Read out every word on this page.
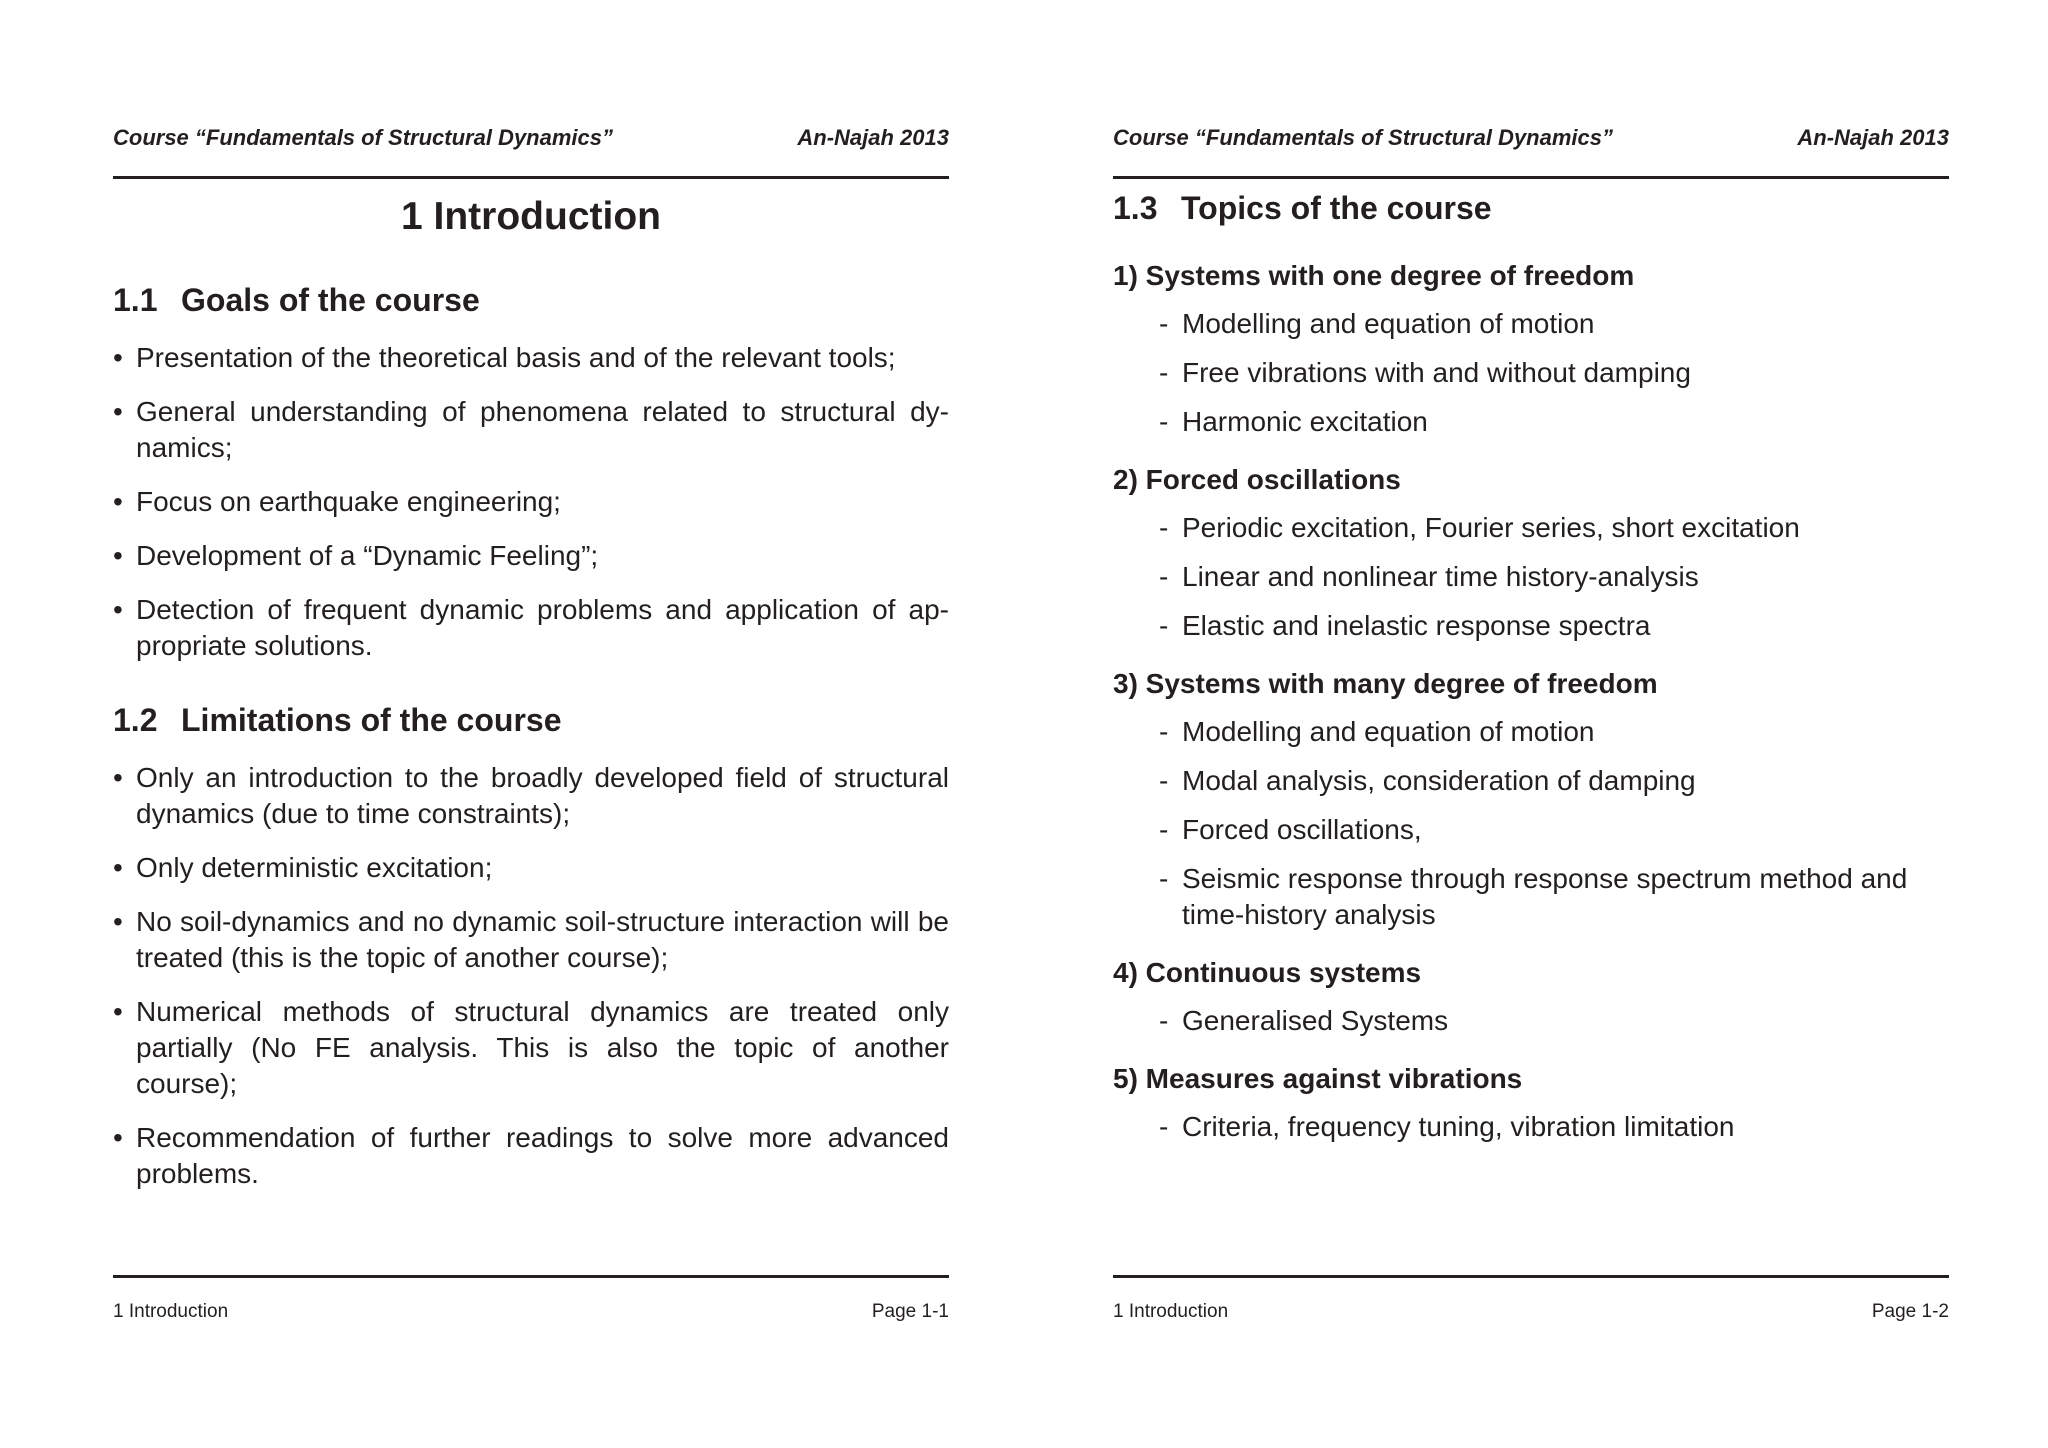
Course “Fundamentals of Structural Dynamics”	An-Najah 2013
1 Introduction
1.1 Goals of the course
• Presentation of the theoretical basis and of the relevant tools;
• General understanding of phenomena related to structural dy-namics;
• Focus on earthquake engineering;
• Development of a “Dynamic Feeling”;
• Detection of frequent dynamic problems and application of ap-propriate solutions.
1.2 Limitations of the course
• Only an introduction to the broadly developed field of structural dynamics (due to time constraints);
• Only deterministic excitation;
• No soil-dynamics and no dynamic soil-structure interaction will be treated (this is the topic of another course);
• Numerical methods of structural dynamics are treated only partially (No FE analysis. This is also the topic of another course);
• Recommendation of further readings to solve more advanced problems.
1 Introduction	Page 1-1
Course “Fundamentals of Structural Dynamics”	An-Najah 2013
1.3 Topics of the course
1) Systems with one degree of freedom
- Modelling and equation of motion
- Free vibrations with and without damping
- Harmonic excitation
2) Forced oscillations
- Periodic excitation, Fourier series, short excitation
- Linear and nonlinear time history-analysis
- Elastic and inelastic response spectra
3) Systems with many degree of freedom
- Modelling and equation of motion
- Modal analysis, consideration of damping
- Forced oscillations,
- Seismic response through response spectrum method and time-history analysis
4) Continuous systems
- Generalised Systems
5) Measures against vibrations
- Criteria, frequency tuning, vibration limitation
1 Introduction	Page 1-2
